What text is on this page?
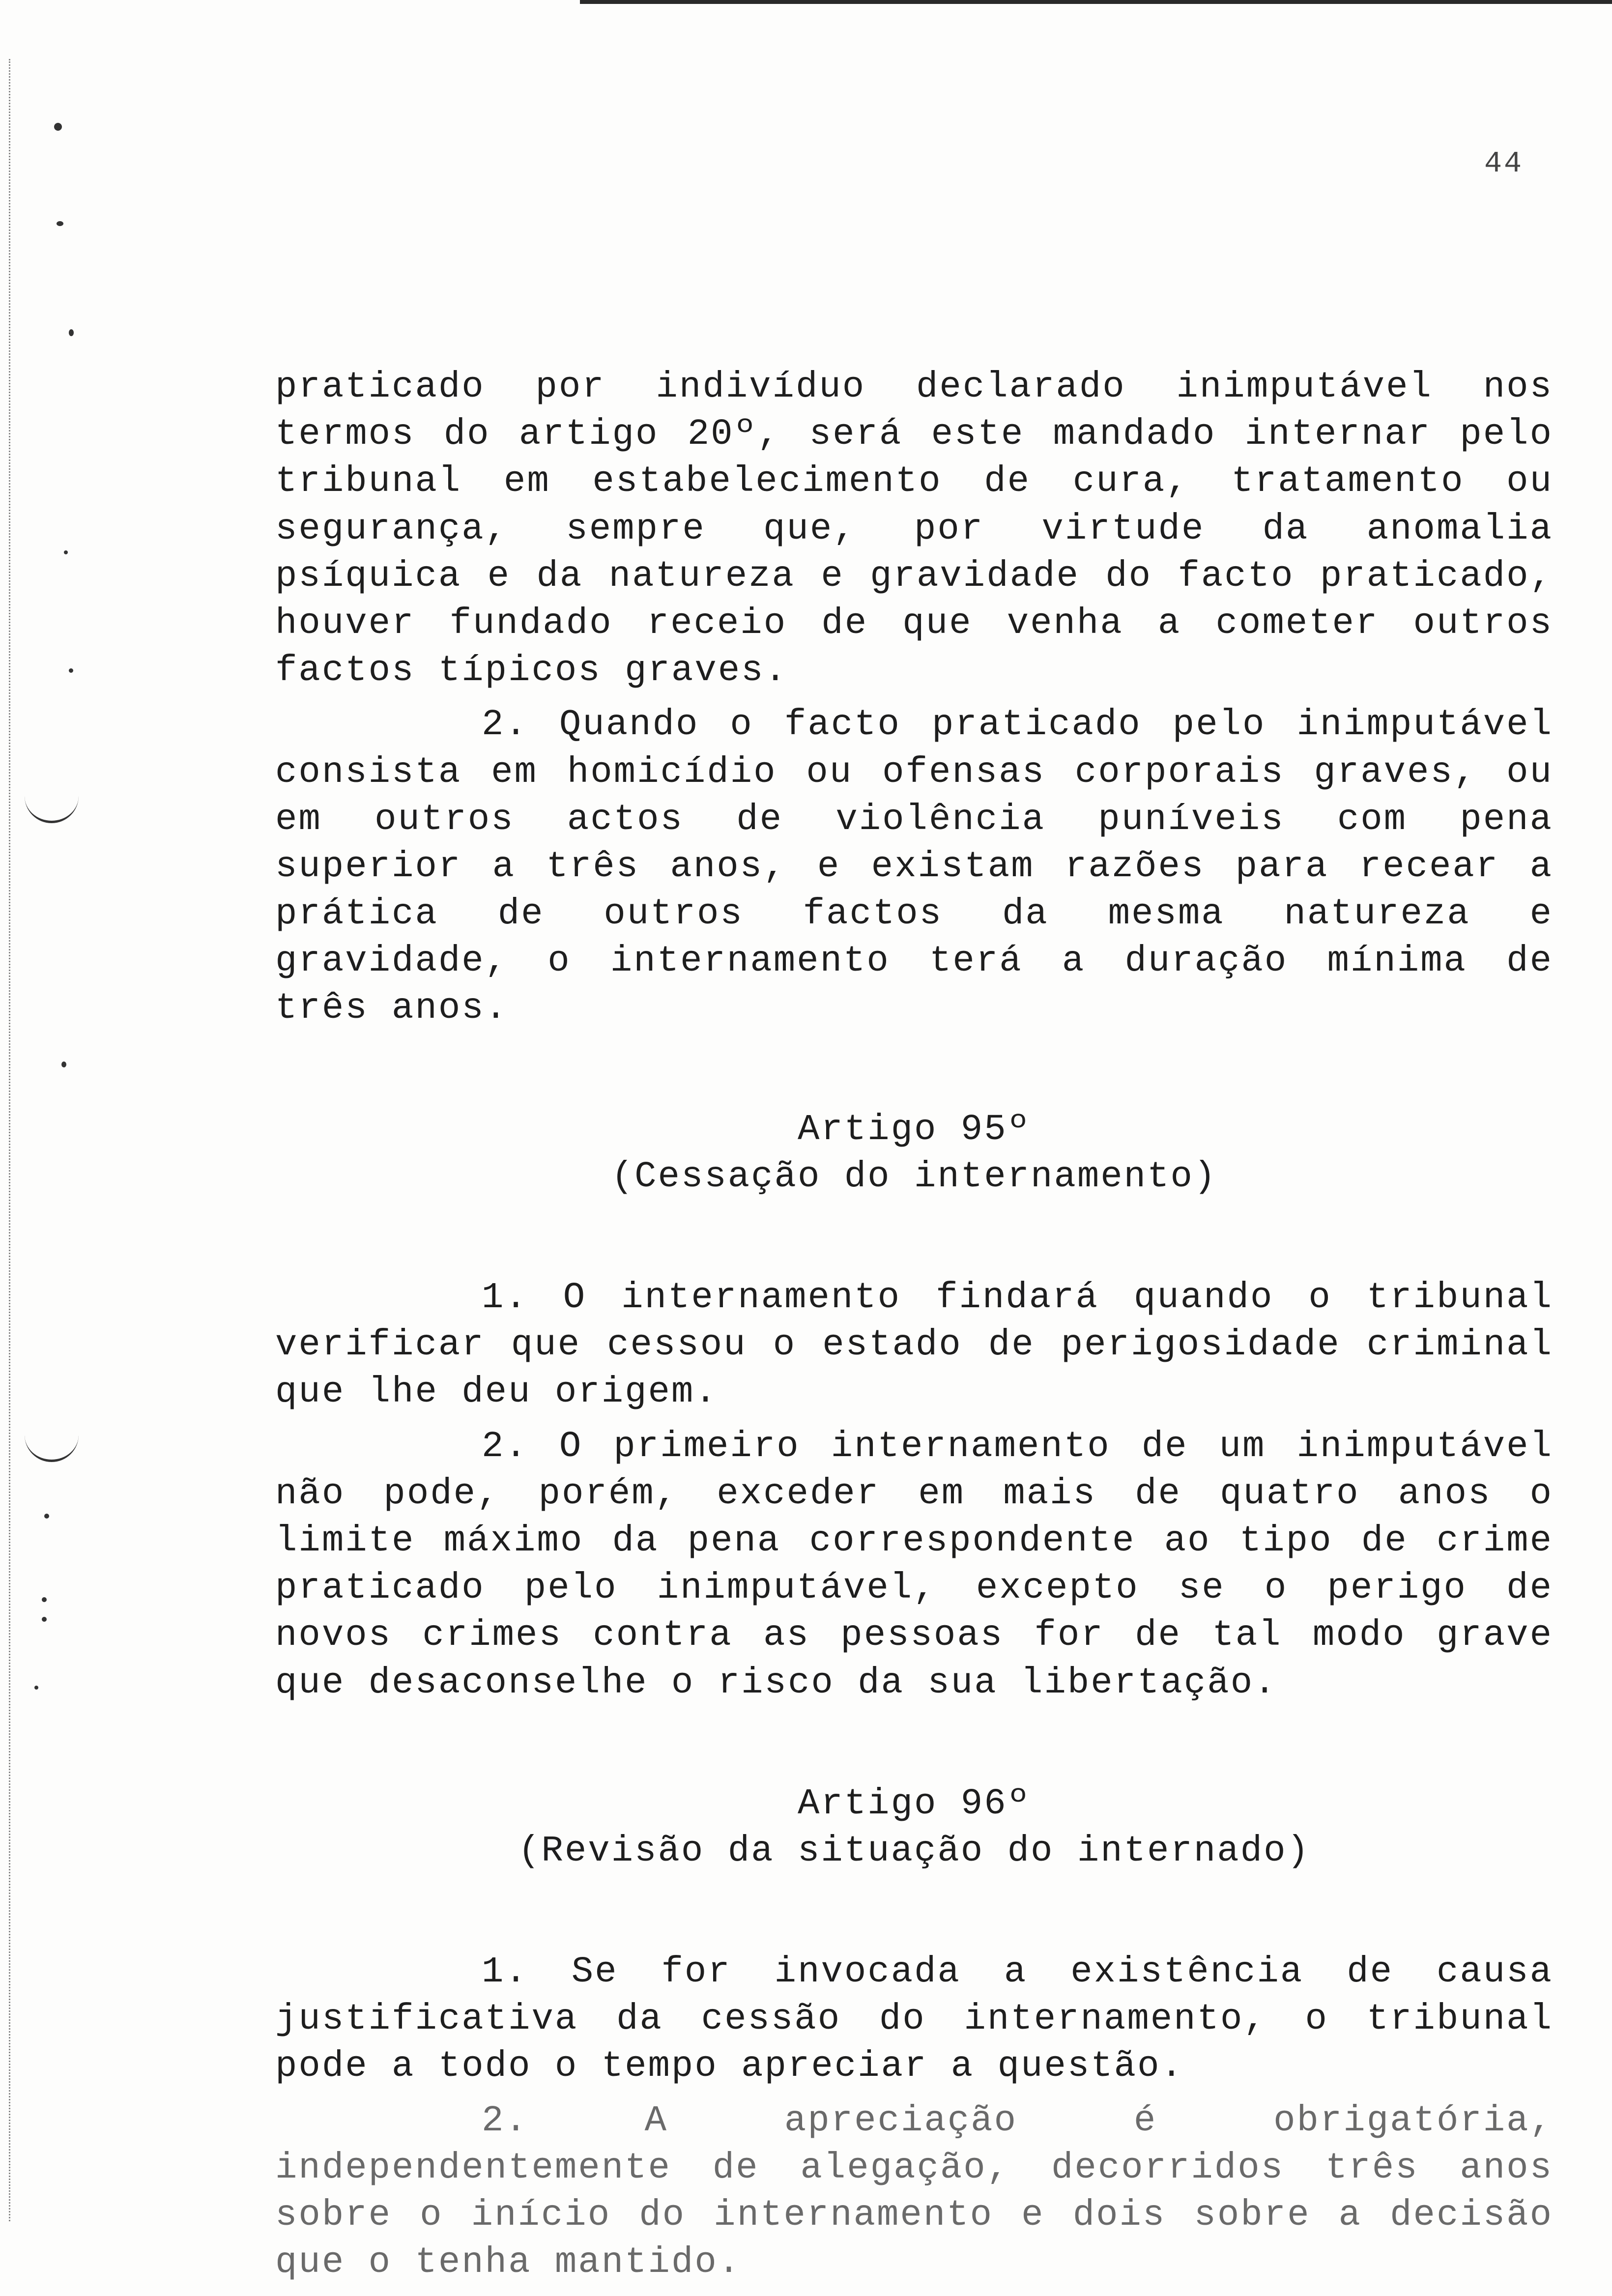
44

praticado por indivíduo declarado inimputável nos termos do artigo 20º, será este mandado internar pelo tribunal em estabelecimento de cura, tratamento ou segurança, sempre que, por virtude da anomalia psíquica e da natureza e gravidade do facto praticado, houver fundado receio de que venha a cometer outros factos típicos graves.

2. Quando o facto praticado pelo inimputável consista em homicídio ou ofensas corporais graves, ou em outros actos de violência puníveis com pena superior a três anos, e existam razões para recear a prática de outros factos da mesma natureza e gravidade, o internamento terá a duração mínima de três anos.

Artigo 95º

(Cessação do internamento)

1. O internamento findará quando o tribunal verificar que cessou o estado de perigosidade criminal que lhe deu origem.

2. O primeiro internamento de um inimputável não pode, porém, exceder em mais de quatro anos o limite máximo da pena correspondente ao tipo de crime praticado pelo inimputável, excepto se o perigo de novos crimes contra as pessoas for de tal modo grave que desaconselhe o risco da sua libertação.

Artigo 96º

(Revisão da situação do internado)

1. Se for invocada a existência de causa justificativa da cessão do internamento, o tribunal pode a todo o tempo apreciar a questão.

2. A apreciação é obrigatória, independentemente de alegação, decorridos três anos sobre o início do internamento e dois sobre a decisão que o tenha mantido.
